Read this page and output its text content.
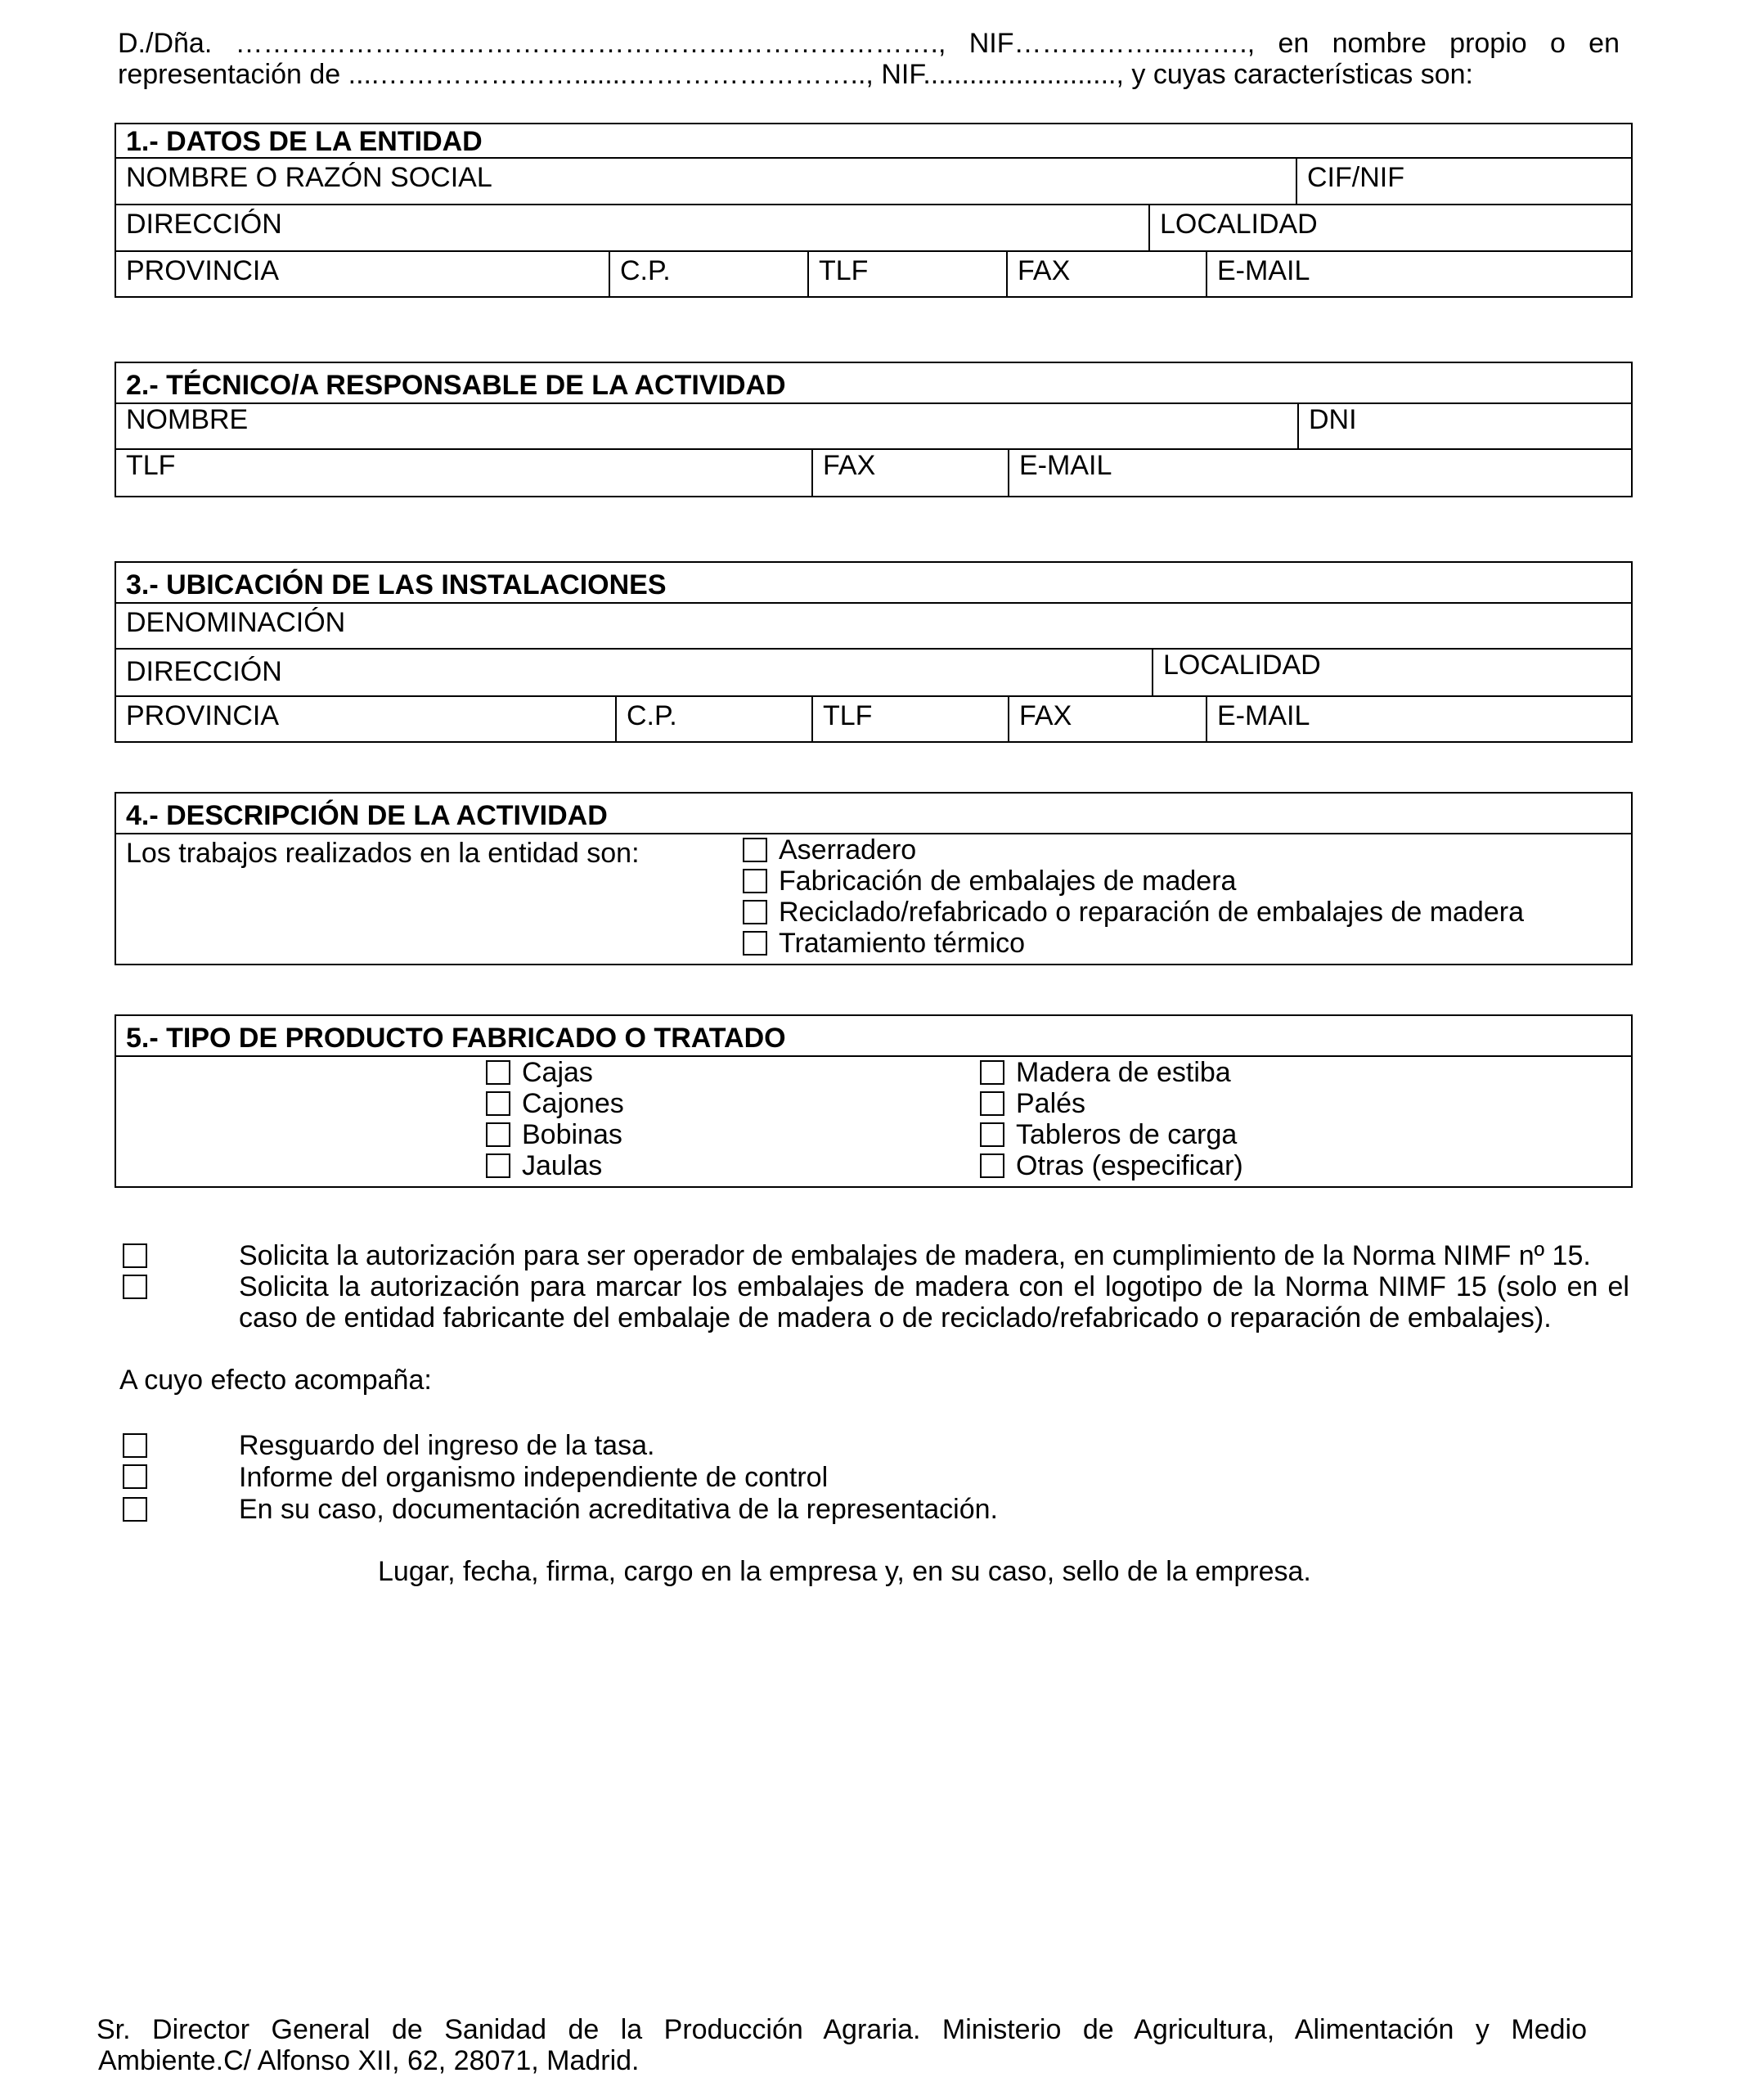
D./Dña. …………………………………………………………………., NIF……………....……., en nombre propio o en
representación de ....………………….......…………………….., NIF........................., y cuyas características son:
1.- DATOS DE LA ENTIDAD
NOMBRE O RAZÓN SOCIAL	CIF/NIF
DIRECCIÓN	LOCALIDAD
PROVINCIA	C.P.	TLF	FAX	E-MAIL
2.- TÉCNICO/A RESPONSABLE DE LA ACTIVIDAD
NOMBRE	DNI
TLF	FAX	E-MAIL
3.- UBICACIÓN DE LAS INSTALACIONES
DENOMINACIÓN
DIRECCIÓN	LOCALIDAD
PROVINCIA	C.P.	TLF	FAX	E-MAIL
4.- DESCRIPCIÓN DE LA ACTIVIDAD
Los trabajos realizados en la entidad son:	Aserradero
Fabricación de embalajes de madera
Reciclado/refabricado o reparación de embalajes de madera
Tratamiento térmico
5.- TIPO DE PRODUCTO FABRICADO O TRATADO
Cajas
Cajones
Bobinas
Jaulas
Madera de estiba
Palés
Tableros de carga
Otras (especificar)
Solicita la autorización para ser operador de embalajes de madera, en cumplimiento de la Norma NIMF nº 15.
Solicita la autorización para marcar los embalajes de madera con el logotipo de la Norma NIMF 15 (solo en el caso de entidad fabricante del embalaje de madera o de reciclado/refabricado o reparación de embalajes).
A cuyo efecto acompaña:
Resguardo del ingreso de la tasa.
Informe del organismo independiente de control
En su caso, documentación acreditativa de la representación.
Lugar, fecha, firma, cargo en la empresa y, en su caso, sello de la empresa.
Sr. Director General de Sanidad de la Producción Agraria. Ministerio de Agricultura, Alimentación y Medio
Ambiente.C/ Alfonso XII, 62, 28071, Madrid.
